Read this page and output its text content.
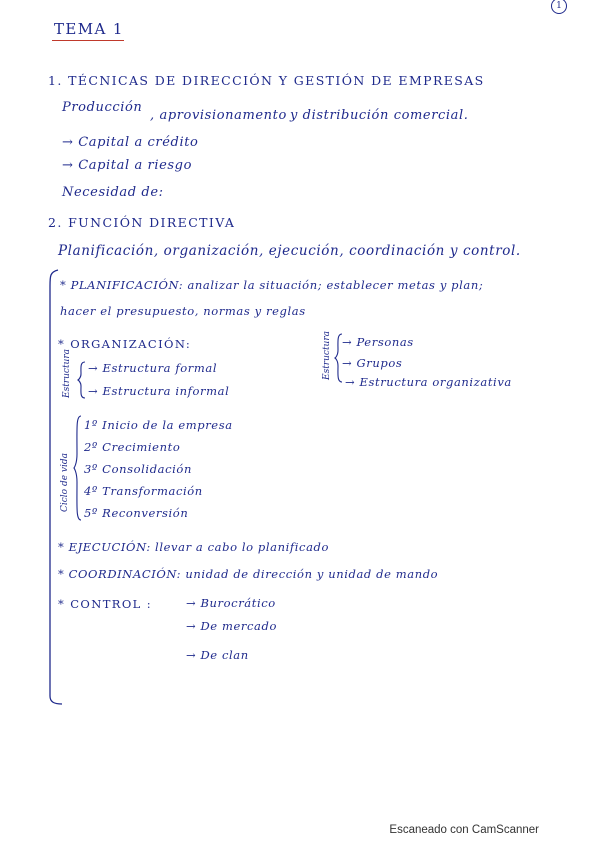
1
TEMA 1
1. TÉCNICAS DE DIRECCIÓN Y GESTIÓN DE EMPRESAS
Producción
, aprovisionamento y distribución comercial.
→ Capital a crédito
→ Capital a riesgo
Necesidad de:
2. FUNCIÓN DIRECTIVA
Planificación, organización, ejecución, coordinación y control.
* PLANIFICACIÓN: analizar la situación; establecer metas y plan;
hacer el presupuesto, normas y reglas
* ORGANIZACIÓN:
Estructura → Estructura formal
→ Estructura informal
Estructura → Personas
→ Grupos
→ Estructura organizativa
Ciclo de vida
1º Inicio de la empresa
2º Crecimiento
3º Consolidación
4º Transformación
5º Reconversión
* EJECUCIÓN: llevar a cabo lo planificado
* COORDINACIÓN: unidad de dirección y unidad de mando
* CONTROL :	→ Burocrático
→ De mercado
→ De clan
Escaneado con CamScanner
